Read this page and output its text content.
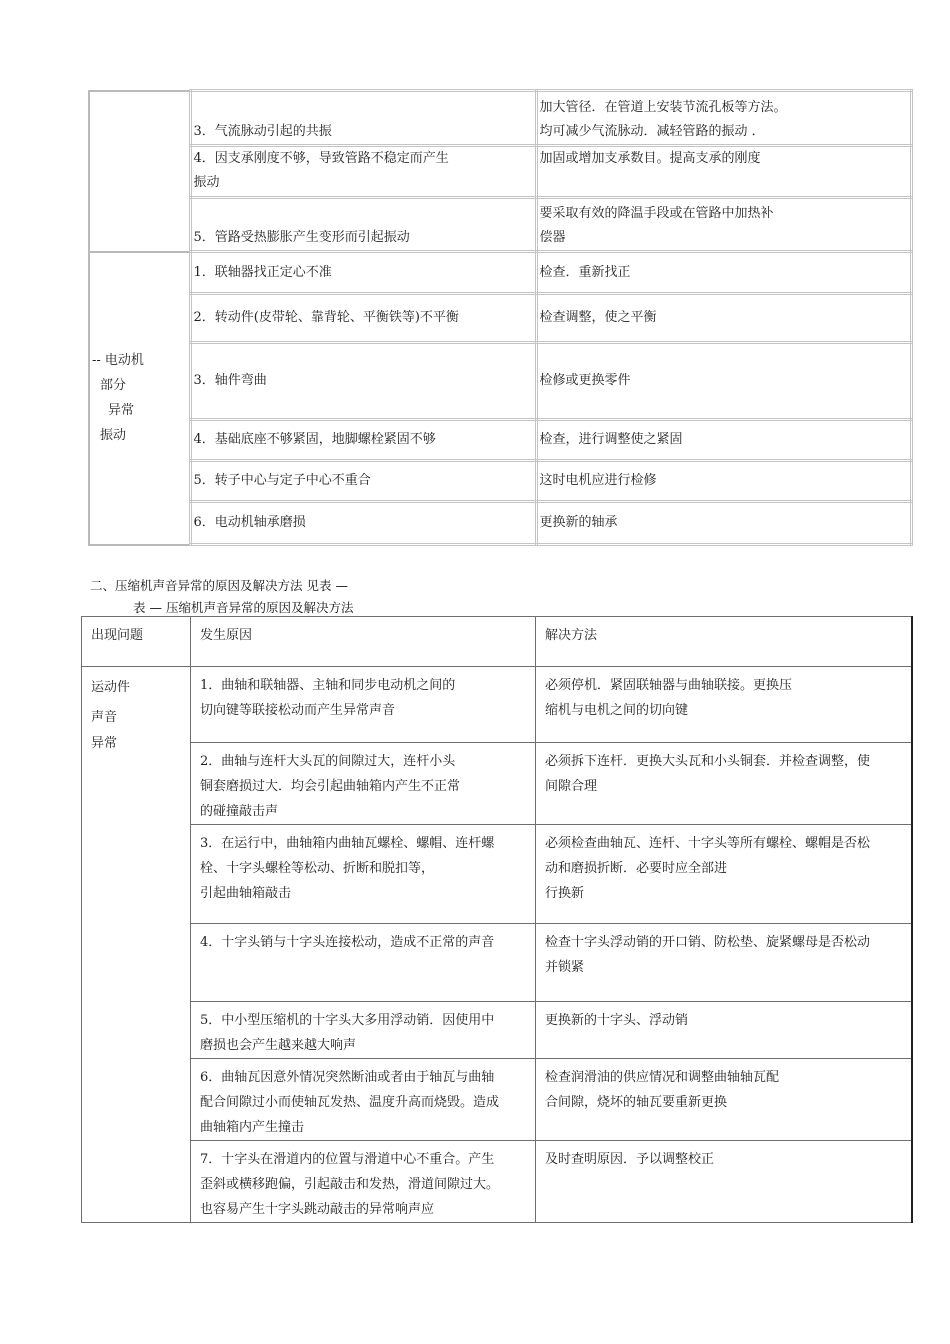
	3．气流脉动引起的共振	加大管径．在管道上安装节流孔板等方法。
均可减少气流脉动．减轻管路的振动 ．

	4．因支承刚度不够，导致管路不稳定而产生
振动	加固或增加支承数目。提高支承的刚度

	5．管路受热膨胀产生变形而引起振动	要采取有效的降温手段或在管路中加热补
偿器

-- 电动机
部分
异常
振动	1．联轴器找正定心不准	检查．重新找正
	2．转动件(皮带轮、靠背轮、平衡铁等)不平衡	检查调整，使之平衡
	3．轴件弯曲	检修或更换零件
	4．基础底座不够紧固，地脚螺栓紧固不够	检查，进行调整使之紧固
	5．转子中心与定子中心不重合	这时电机应进行检修
	6．电动机轴承磨损	更换新的轴承
二、压缩机声音异常的原因及解决方法 见表 —
表 — 压缩机声音异常的原因及解决方法
出现问题	发生原因	解决方法

运动件
声音
异常	1．曲轴和联轴器、主轴和同步电动机之间的
切向键等联接松动而产生异常声音	必须停机．紧固联轴器与曲轴联接。更换压
缩机与电机之间的切向键

	2．曲轴与连杆大头瓦的间隙过大，连杆小头
铜套磨损过大．均会引起曲轴箱内产生不正常
的碰撞敲击声	必须拆下连杆．更换大头瓦和小头铜套．并检查调整，使
间隙合理

	3．在运行中，曲轴箱内曲轴瓦螺栓、螺帽、连杆螺
栓、十字头螺栓等松动、折断和脱扣等，
引起曲轴箱敲击	必须检查曲轴瓦、连杆、十字头等所有螺栓、螺帽是否松
动和磨损折断．必要时应全部进
行换新

	4．十字头销与十字头连接松动，造成不正常的声音	检查十字头浮动销的开口销、防松垫、旋紧螺母是否松动
并锁紧

	5．中小型压缩机的十字头大多用浮动销．因使用中
磨损也会产生越来越大响声	更换新的十字头、浮动销

	6．曲轴瓦因意外情况突然断油或者由于轴瓦与曲轴
配合间隙过小而使轴瓦发热、温度升高而烧毁。造成
曲轴箱内产生撞击	检查润滑油的供应情况和调整曲轴轴瓦配
合间隙，烧坏的轴瓦要重新更换

	7．十字头在滑道内的位置与滑道中心不重合。产生
歪斜或横移跑偏，引起敲击和发热，滑道间隙过大。
也容易产生十字头跳动敲击的异常响声应	及时查明原因．予以调整校正
